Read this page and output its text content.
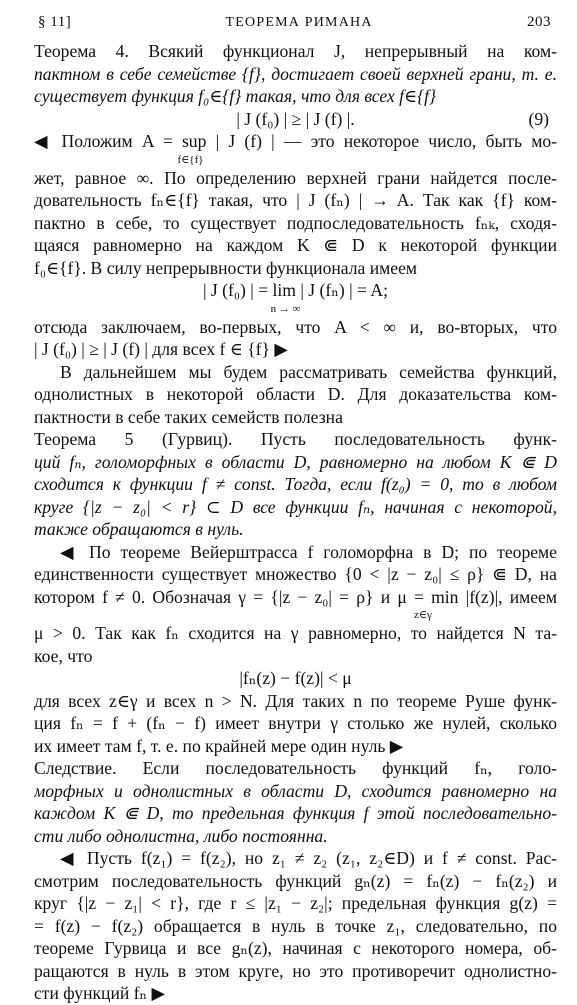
§ 11]	ТЕОРЕМА РИМАНА	203
Теорема 4. Всякий функционал J, непрерывный на ком-
пактном в себе семействе {f}, достигает своей верхней грани, т. е.
существует функция f₀∈{f} такая, что для всех f∈{f}
| J (f₀) | ≥ | J (f) |.	(9)
◀ Положим A = sup | J (f) | — это некоторое число, быть мо-
f∈{f}
жет, равное ∞. По определению верхней грани найдется после-
довательность fₙ∈{f} такая, что | J (fₙ) | → A. Так как {f} ком-
пактно в себе, то существует подпоследовательность fₙₖ, сходя-
щаяся равномерно на каждом K ⋐ D к некоторой функции
f₀∈{f}. В силу непрерывности функционала имеем
| J (f₀) | = lim | J (fₙ) | = A;
n → ∞
отсюда заключаем, во-первых, что A < ∞ и, во-вторых, что
| J (f₀) | ≥ | J (f) | для всех f ∈ {f} ▶
В дальнейшем мы будем рассматривать семейства функций,
однолистных в некоторой области D. Для доказательства ком-
пактности в себе таких семейств полезна
Теорема 5 (Гурвиц). Пусть последовательность функ-
ций fₙ, голоморфных в области D, равномерно на любом K ⋐ D
сходится к функции f ≠ const. Тогда, если f(z₀) = 0, то в любом
круге {|z − z₀| < r} ⊂ D все функции fₙ, начиная с некоторой,
также обращаются в нуль.
◀ По теореме Вейерштрасса f голоморфна в D; по теореме
единственности существует множество {0 < |z − z₀| ≤ ρ} ⋐ D, на
котором f ≠ 0. Обозначая γ = {|z − z₀| = ρ} и μ = min |f(z)|, имеем
z∈γ
μ > 0. Так как fₙ сходится на γ равномерно, то найдется N та-
кое, что
|fₙ(z) − f(z)| < μ
для всех z∈γ и всех n > N. Для таких n по теореме Руше функ-
ция fₙ = f + (fₙ − f) имеет внутри γ столько же нулей, сколько
их имеет там f, т. е. по крайней мере один нуль ▶
Следствие. Если последовательность функций fₙ, голо-
морфных и однолистных в области D, сходится равномерно на
каждом K ⋐ D, то предельная функция f этой последовательно-
сти либо однолистна, либо постоянна.
◀ Пусть f(z₁) = f(z₂), но z₁ ≠ z₂ (z₁, z₂∈D) и f ≠ const. Рас-
смотрим последовательность функций gₙ(z) = fₙ(z) − fₙ(z₂) и
круг {|z − z₁| < r}, где r ≤ |z₁ − z₂|; предельная функция g(z) =
= f(z) − f(z₂) обращается в нуль в точке z₁, следовательно, по
теореме Гурвица и все gₙ(z), начиная с некоторого номера, об-
ращаются в нуль в этом круге, но это противоречит однолистно-
сти функций fₙ ▶
